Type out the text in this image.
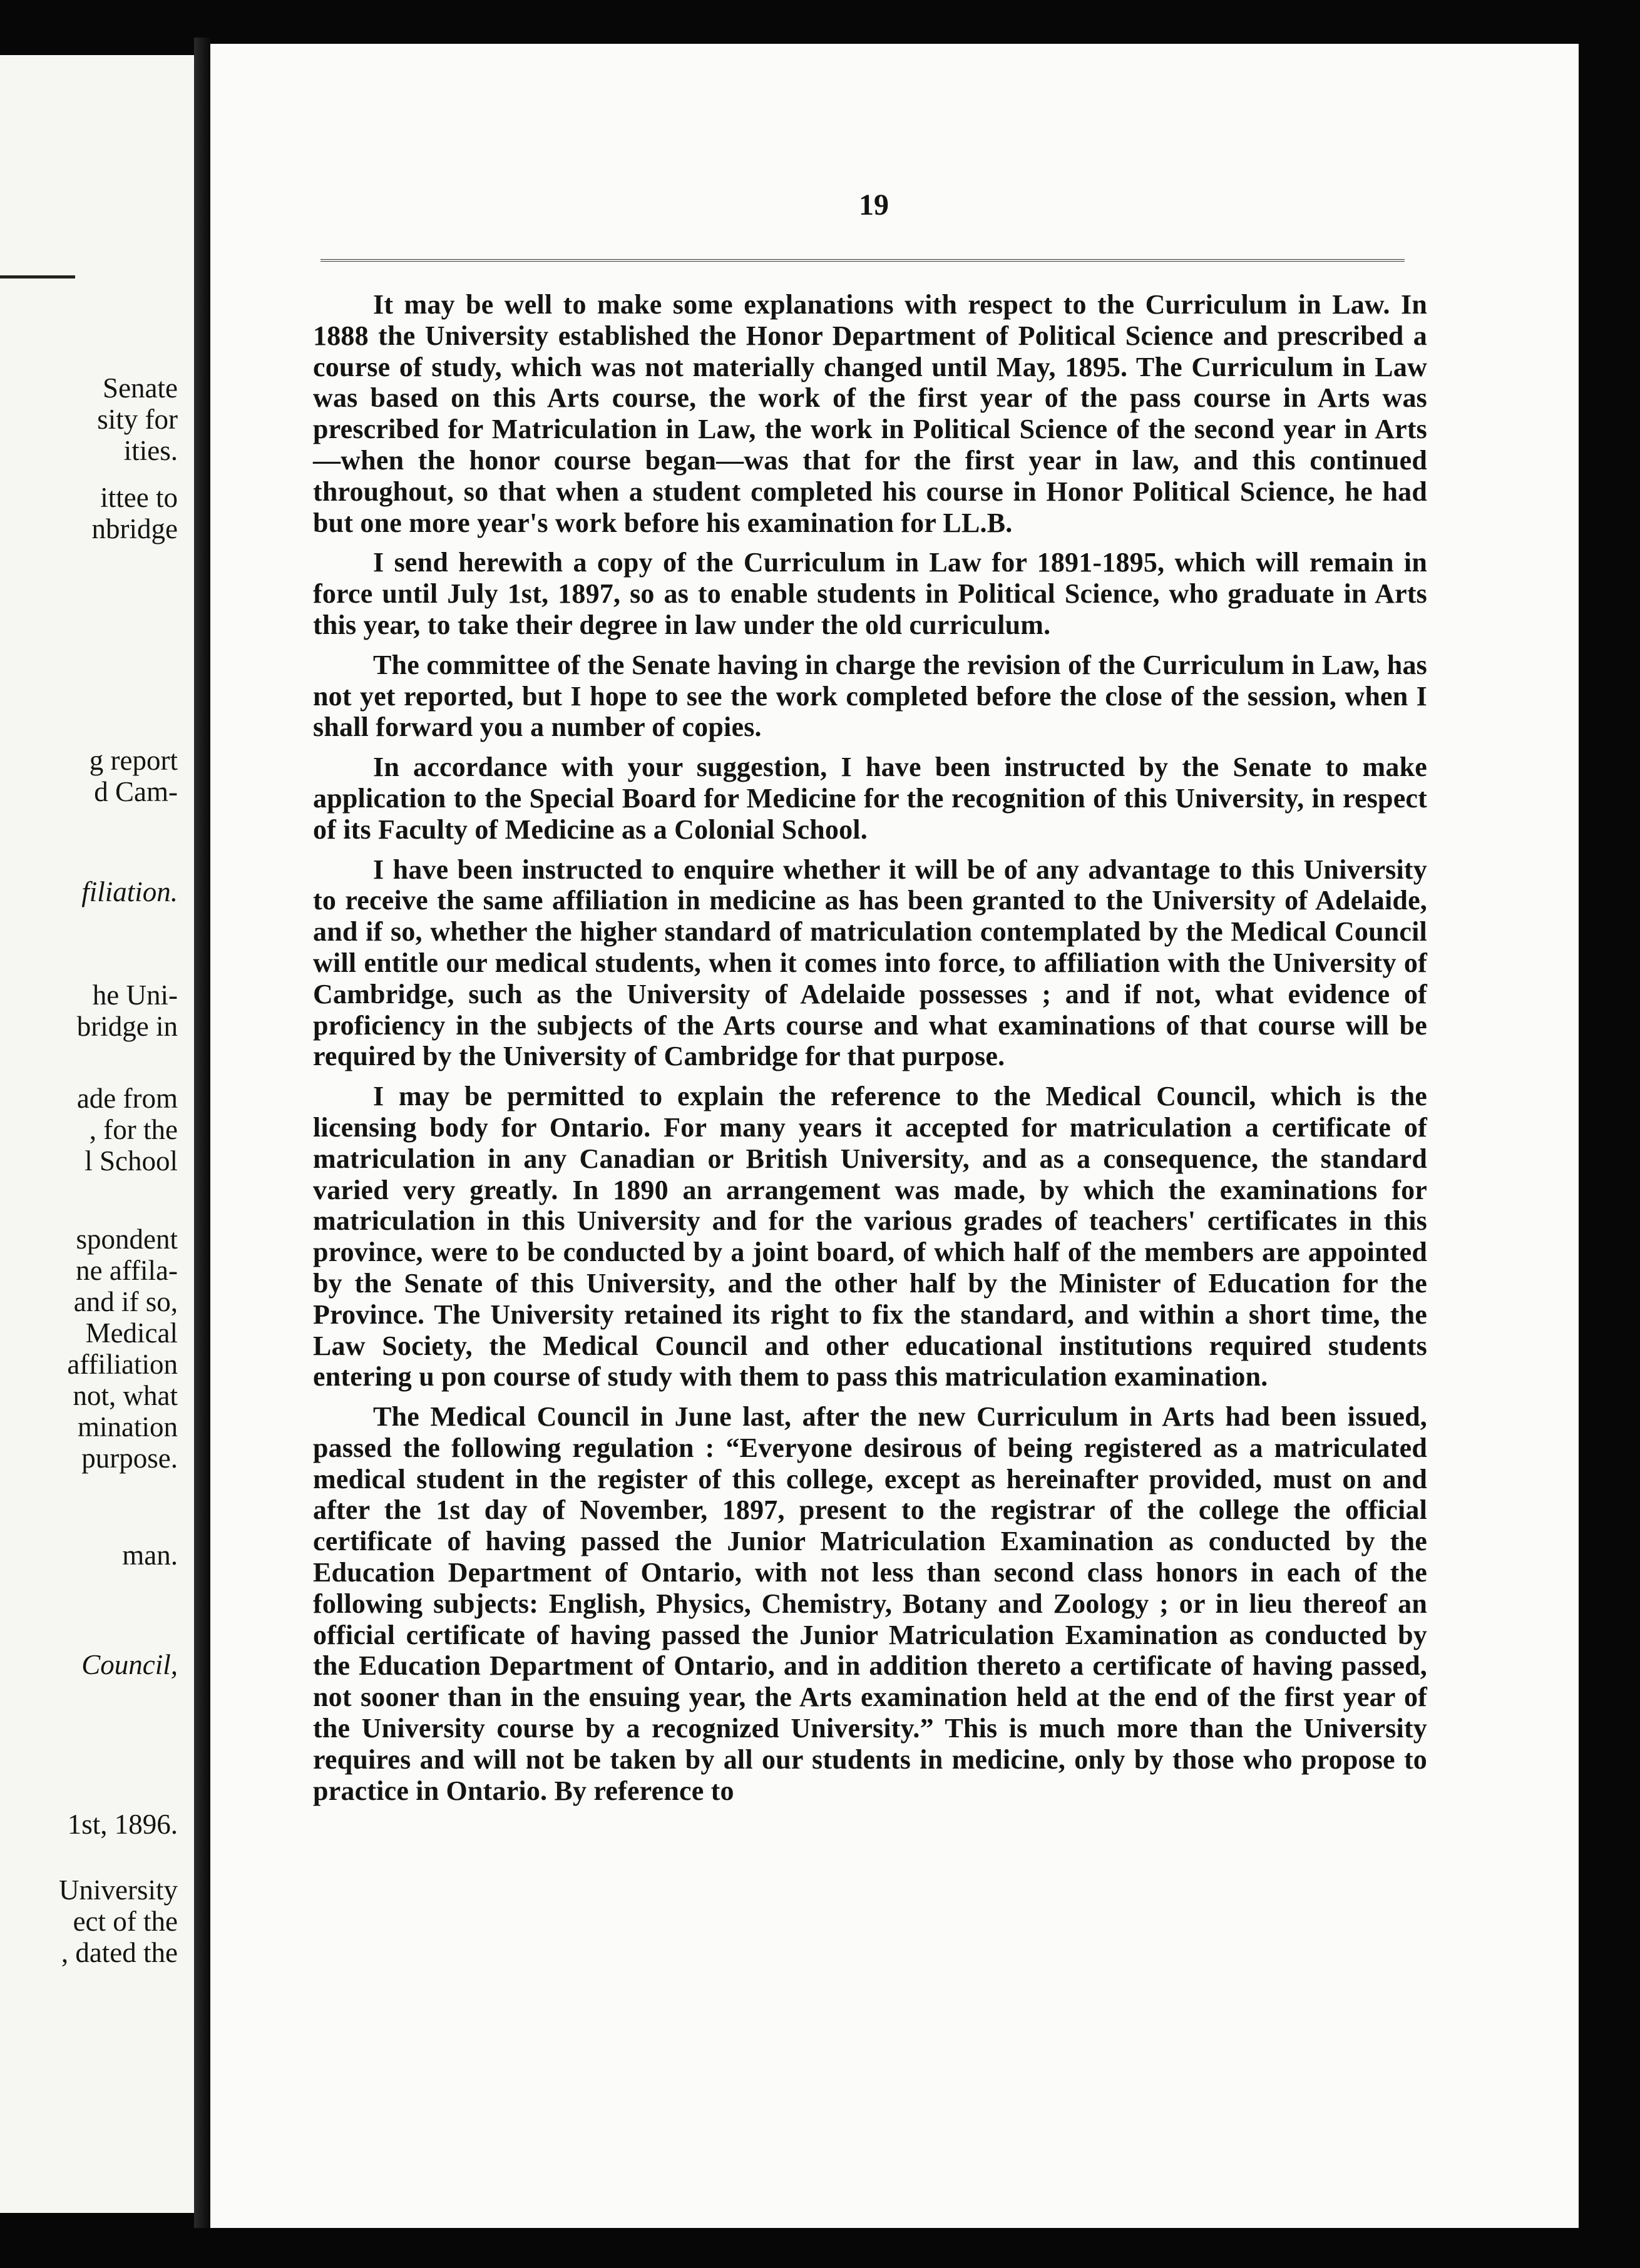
Senate
sity for
ities.
ittee to
nbridge
g report
d Cam-
filiation.
he Uni-
bridge in
ade from
, for the
l School
spondent
ne affila-
and if so,
Medical
affiliation
not, what
mination
purpose.
man.
Council,
1st, 1896.
University
ect of the
, dated the
19

It may be well to make some explanations with respect to the Curriculum in Law. In 1888 the University established the Honor Department of Political Science and prescribed a course of study, which was not materially changed until May, 1895. The Curriculum in Law was based on this Arts course, the work of the first year of the pass course in Arts was prescribed for Matriculation in Law, the work in Political Science of the second year in Arts—when the honor course began—was that for the first year in law, and this continued throughout, so that when a student completed his course in Honor Political Science, he had but one more year's work before his examination for LL.B.

I send herewith a copy of the Curriculum in Law for 1891-1895, which will remain in force until July 1st, 1897, so as to enable students in Political Science, who graduate in Arts this year, to take their degree in law under the old curriculum.

The committee of the Senate having in charge the revision of the Curriculum in Law, has not yet reported, but I hope to see the work completed before the close of the session, when I shall forward you a number of copies.

In accordance with your suggestion, I have been instructed by the Senate to make application to the Special Board for Medicine for the recognition of this University, in respect of its Faculty of Medicine as a Colonial School.

I have been instructed to enquire whether it will be of any advantage to this University to receive the same affiliation in medicine as has been granted to the University of Adelaide, and if so, whether the higher standard of matriculation contemplated by the Medical Council will entitle our medical students, when it comes into force, to affiliation with the University of Cambridge, such as the University of Adelaide possesses ; and if not, what evidence of proficiency in the subjects of the Arts course and what examinations of that course will be required by the University of Cambridge for that purpose.

I may be permitted to explain the reference to the Medical Council, which is the licensing body for Ontario. For many years it accepted for matriculation a certificate of matriculation in any Canadian or British University, and as a consequence, the standard varied very greatly. In 1890 an arrangement was made, by which the examinations for matriculation in this University and for the various grades of teachers' certificates in this province, were to be conducted by a joint board, of which half of the members are appointed by the Senate of this University, and the other half by the Minister of Education for the Province. The University retained its right to fix the standard, and within a short time, the Law Society, the Medical Council and other educational institutions required students entering u pon course of study with them to pass this matriculation examination.

The Medical Council in June last, after the new Curriculum in Arts had been issued, passed the following regulation : “Everyone desirous of being registered as a matriculated medical student in the register of this college, except as hereinafter provided, must on and after the 1st day of November, 1897, present to the registrar of the college the official certificate of having passed the Junior Matriculation Examination as conducted by the Education Department of Ontario, with not less than second class honors in each of the following subjects: English, Physics, Chemistry, Botany and Zoology ; or in lieu thereof an official certificate of having passed the Junior Matriculation Examination as conducted by the Education Department of Ontario, and in addition thereto a certificate of having passed, not sooner than in the ensuing year, the Arts examination held at the end of the first year of the University course by a recognized University.” This is much more than the University requires and will not be taken by all our students in medicine, only by those who propose to practice in Ontario. By reference to
